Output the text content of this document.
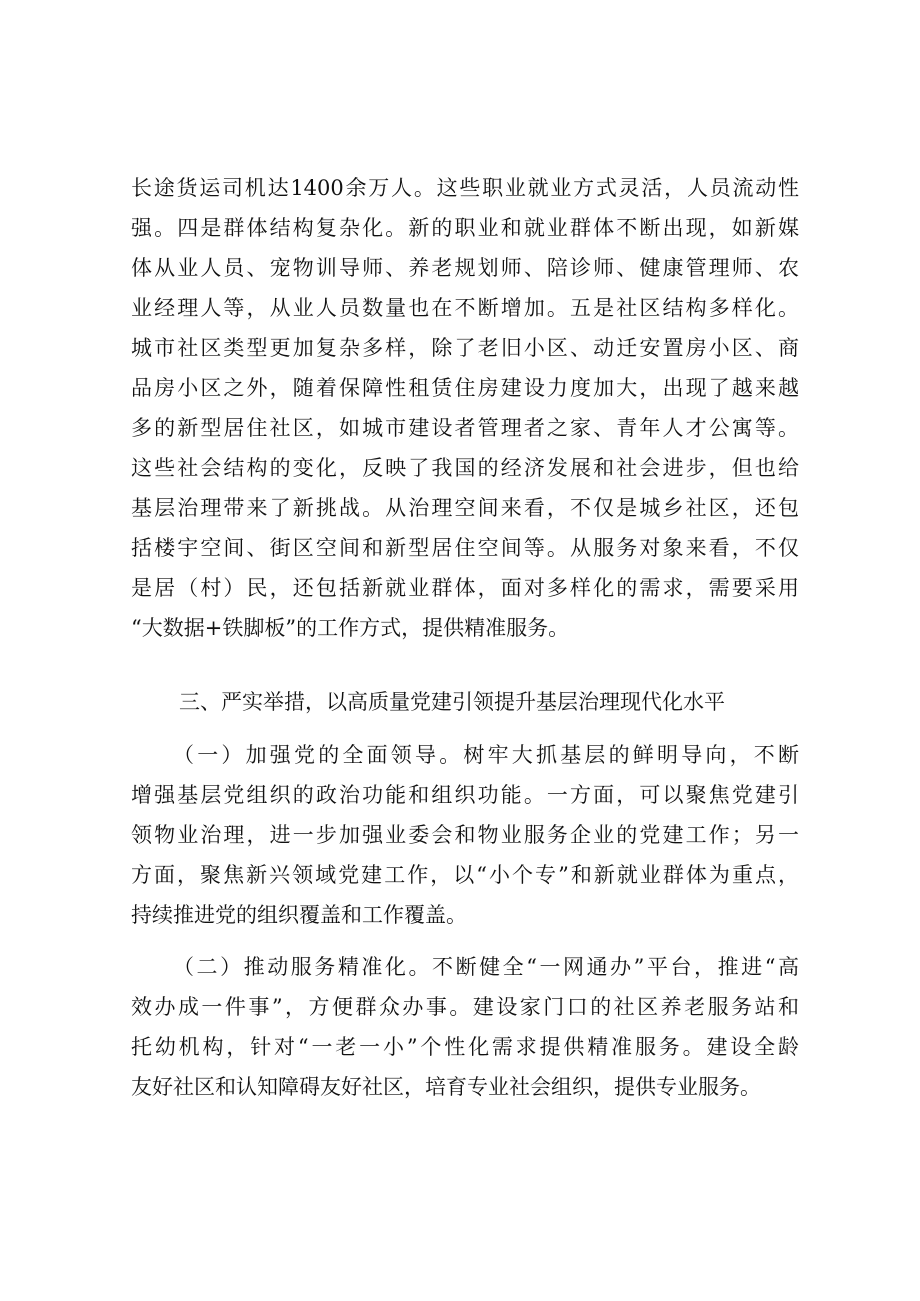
长途货运司机达1400余万人。这些职业就业方式灵活，人员流动性
强。四是群体结构复杂化。新的职业和就业群体不断出现，如新媒
体从业人员、宠物训导师、养老规划师、陪诊师、健康管理师、农
业经理人等，从业人员数量也在不断增加。五是社区结构多样化。
城市社区类型更加复杂多样，除了老旧小区、动迁安置房小区、商
品房小区之外，随着保障性租赁住房建设力度加大，出现了越来越
多的新型居住社区，如城市建设者管理者之家、青年人才公寓等。
这些社会结构的变化，反映了我国的经济发展和社会进步，但也给
基层治理带来了新挑战。从治理空间来看，不仅是城乡社区，还包
括楼宇空间、街区空间和新型居住空间等。从服务对象来看，不仅
是居（村）民，还包括新就业群体，面对多样化的需求，需要采用
“大数据+铁脚板”的工作方式，提供精准服务。
三、严实举措，以高质量党建引领提升基层治理现代化水平
（一）加强党的全面领导。树牢大抓基层的鲜明导向，不断
增强基层党组织的政治功能和组织功能。一方面，可以聚焦党建引
领物业治理，进一步加强业委会和物业服务企业的党建工作；另一
方面，聚焦新兴领域党建工作，以“小个专”和新就业群体为重点，
持续推进党的组织覆盖和工作覆盖。
（二）推动服务精准化。不断健全“一网通办”平台，推进“高
效办成一件事”，方便群众办事。建设家门口的社区养老服务站和
托幼机构，针对“一老一小”个性化需求提供精准服务。建设全龄
友好社区和认知障碍友好社区，培育专业社会组织，提供专业服务。
